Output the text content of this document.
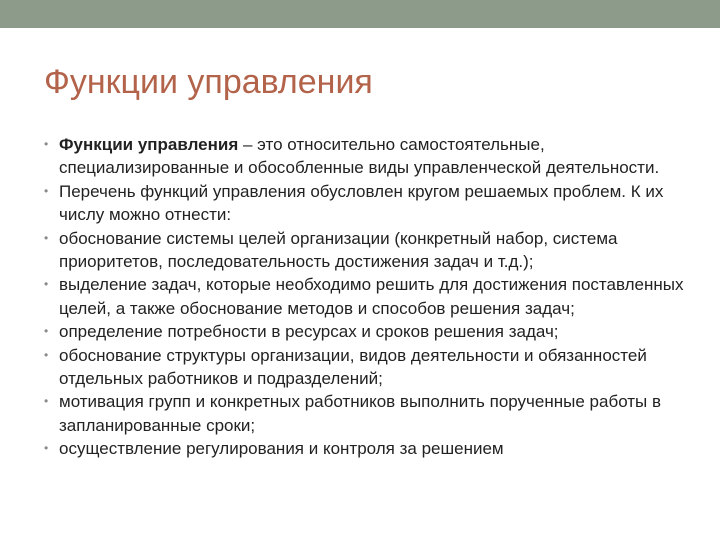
Функции управления
• Функции управления – это относительно самостоятельные, специализированные и обособленные виды управленческой деятельности.
• Перечень функций управления обусловлен кругом решаемых проблем. К их числу можно отнести:
• обоснование системы целей организации (конкретный набор, система приоритетов, последовательность достижения задач и т.д.);
• выделение задач, которые необходимо решить для достижения поставленных целей, а также обоснование методов и способов решения задач;
• определение потребности в ресурсах и сроков решения задач;
• обоснование структуры организации, видов деятельности и обязанностей отдельных работников и подразделений;
• мотивация групп и конкретных работников выполнить порученные работы в запланированные сроки;
• осуществление регулирования и контроля за решением
